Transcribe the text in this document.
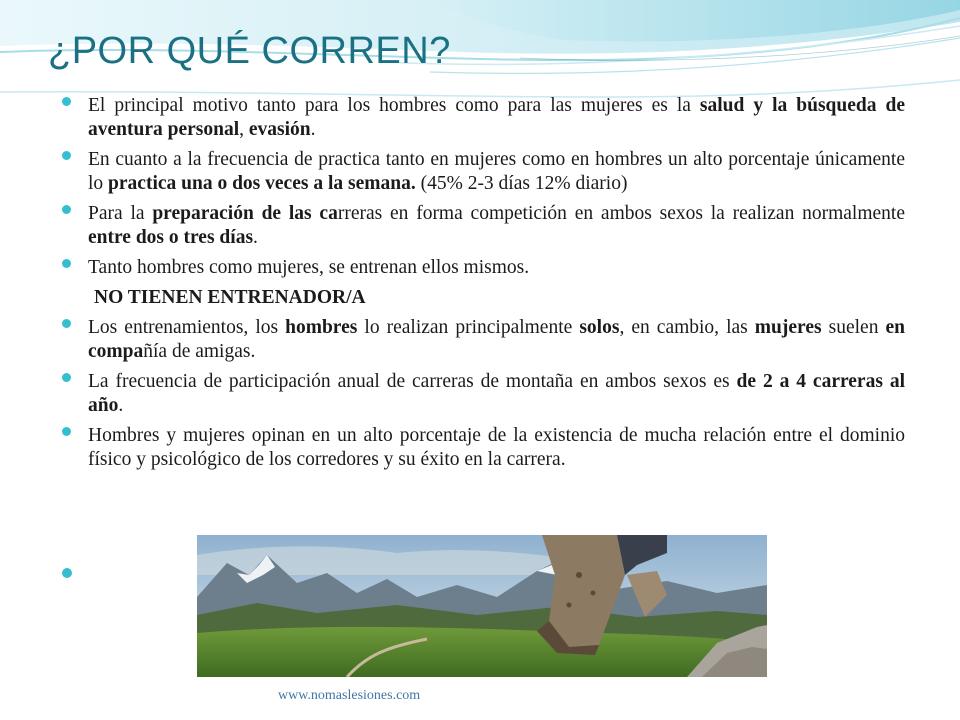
¿POR QUÉ CORREN?

El principal motivo tanto para los hombres como para las mujeres es la salud y la búsqueda de aventura personal, evasión.

En cuanto a la frecuencia de practica tanto en mujeres como en hombres un alto porcentaje únicamente lo practica una o dos veces a la semana. (45% 2-3 días 12% diario)

Para la preparación de las carreras en forma competición en ambos sexos la realizan normalmente entre dos o tres días.

Tanto hombres como mujeres, se entrenan ellos mismos.

NO TIENEN ENTRENADOR/A

Los entrenamientos, los hombres lo realizan principalmente solos, en cambio, las mujeres suelen en compañía de amigas.

La frecuencia de participación anual de carreras de montaña en ambos sexos es de 2 a 4 carreras al año.

Hombres y mujeres opinan en un alto porcentaje de la existencia de mucha relación entre el dominio físico y psicológico de los corredores y su éxito en la carrera.

www.nomaslesiones.com
